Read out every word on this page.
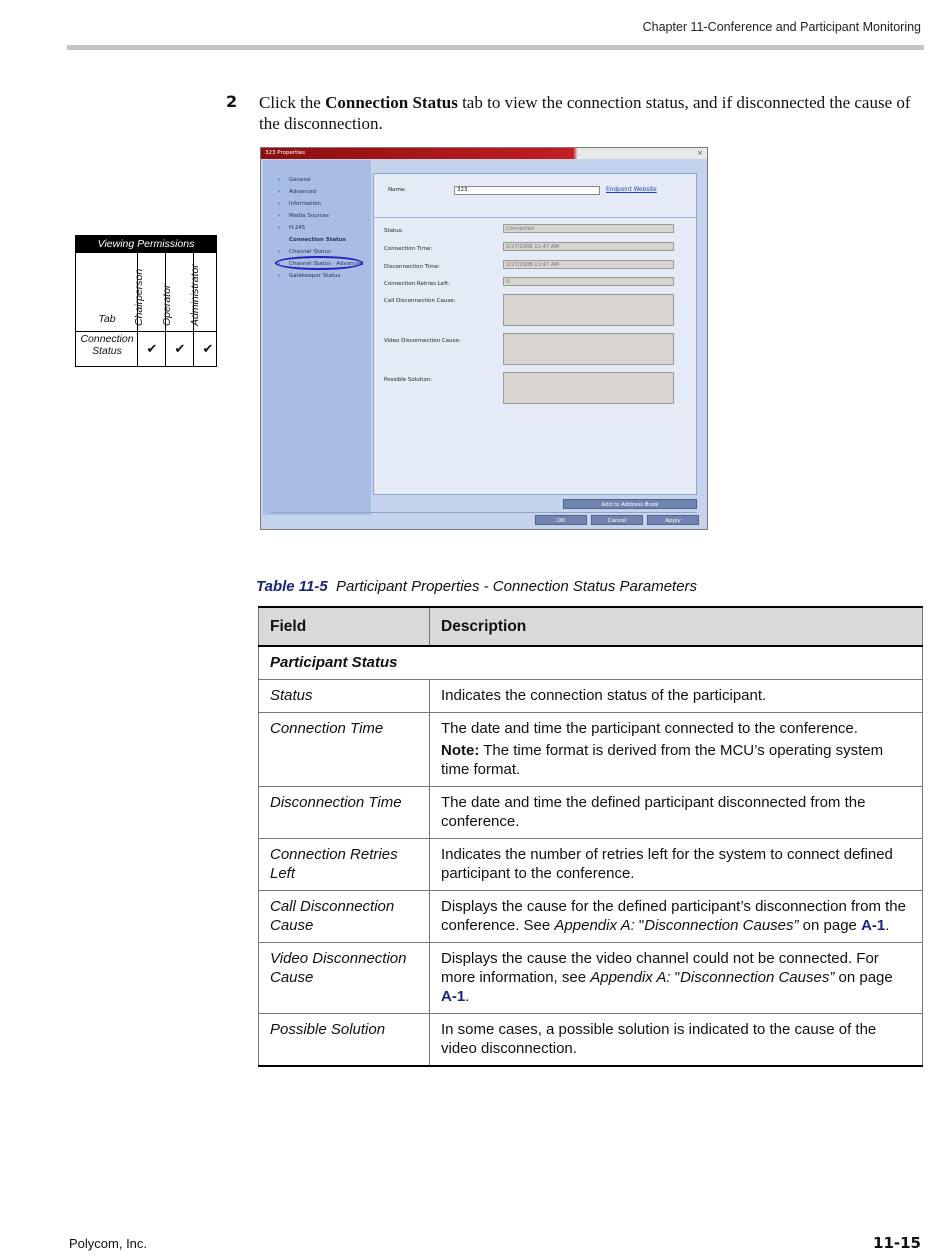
Chapter 11-Conference and Participant Monitoring
2 Click the Connection Status tab to view the connection status, and if disconnected the cause of the disconnection.
Viewing Permissions
Tab	Chairperson Operator Administrator
Connection Status	✔	✔	✔
323 Properties	×
› General
› Advanced
› Information
› Media Sources
› H.245
Connection Status
› Channel Status
› Channel Status - Advanced
› Gatekeeper Status
Name:	323	Endpoint Website
Status:	Connected
Connection Time:	2/27/2008 11:47 AM
Disconnection Time:	2/27/2008 11:47 AM
Connection Retries Left:	0
Call Disconnection Cause:
Video Disconnection Cause:
Possible Solution:
Add to Address Book
OK	Cancel	Apply
Table 11-5 Participant Properties - Connection Status Parameters
Field	Description
Participant Status	
Status	Indicates the connection status of the participant.
Connection Time	The date and time the participant connected to the conference.
Note: The time format is derived from the MCU’s operating system time format.

Disconnection Time	The date and time the defined participant disconnected from the conference.
Connection Retries Left	Indicates the number of retries left for the system to connect defined participant to the conference.
Call Disconnection Cause	Displays the cause for the defined participant’s disconnection from the conference. See Appendix A: "Disconnection Causes” on page A-1.
Video Disconnection Cause	Displays the cause the video channel could not be connected. For more information, see Appendix A: "Disconnection Causes” on page A-1.
Possible Solution	In some cases, a possible solution is indicated to the cause of the video disconnection.
Polycom, Inc.	11-15
